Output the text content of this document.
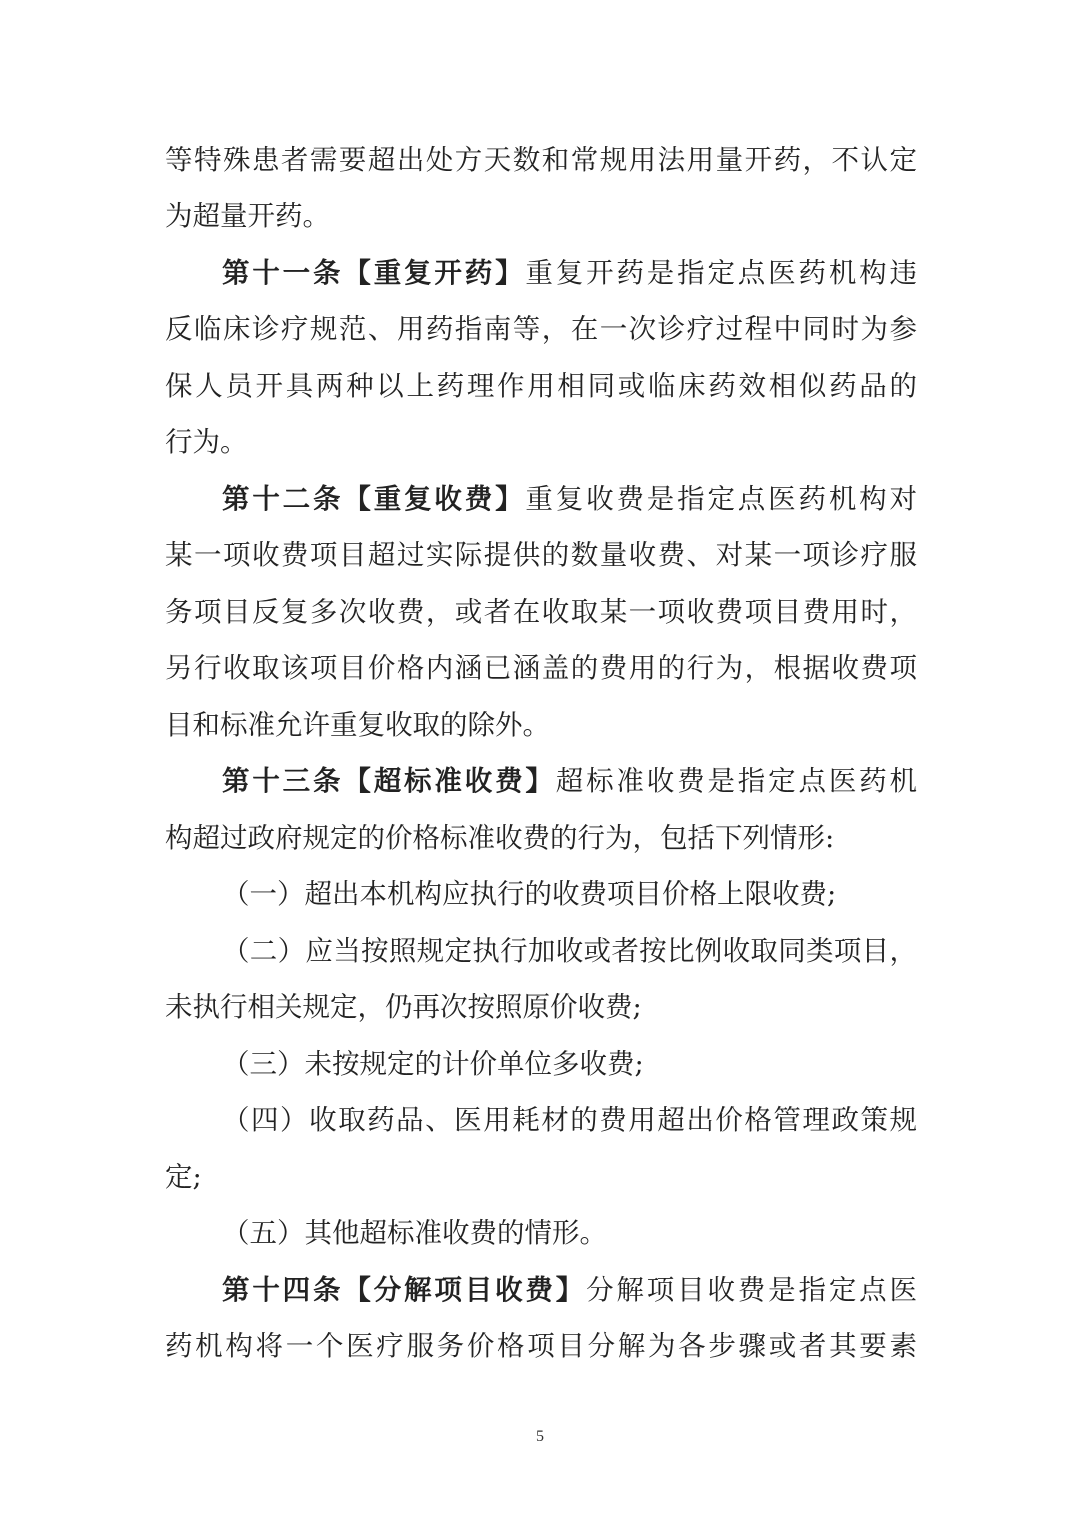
等特殊患者需要超出处方天数和常规用法用量开药，不认定
为超量开药。
第十一条【重复开药】重复开药是指定点医药机构违
反临床诊疗规范、用药指南等，在一次诊疗过程中同时为参
保人员开具两种以上药理作用相同或临床药效相似药品的
行为。
第十二条【重复收费】重复收费是指定点医药机构对
某一项收费项目超过实际提供的数量收费、对某一项诊疗服
务项目反复多次收费，或者在收取某一项收费项目费用时，
另行收取该项目价格内涵已涵盖的费用的行为，根据收费项
目和标准允许重复收取的除外。
第十三条【超标准收费】超标准收费是指定点医药机
构超过政府规定的价格标准收费的行为，包括下列情形:
（一）超出本机构应执行的收费项目价格上限收费;
（二）应当按照规定执行加收或者按比例收取同类项目，
未执行相关规定，仍再次按照原价收费;
（三）未按规定的计价单位多收费;
（四）收取药品、医用耗材的费用超出价格管理政策规
定;
（五）其他超标准收费的情形。
第十四条【分解项目收费】分解项目收费是指定点医
药机构将一个医疗服务价格项目分解为各步骤或者其要素
5
